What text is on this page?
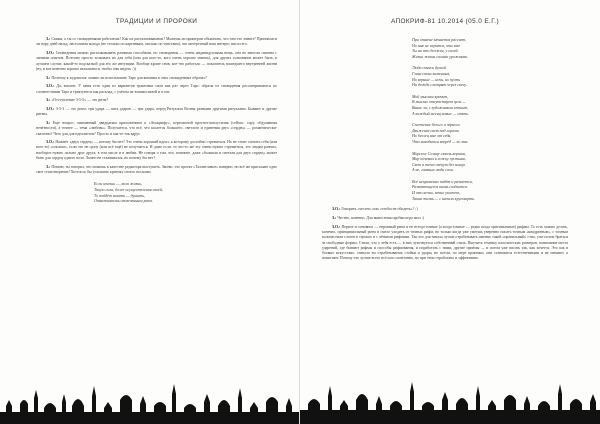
ТРАДИЦИИ И ПРОРОКИ

З.: Скажи, а ты со сновидениями работаешь? Как их расталковываешь? Можешь ли примером объяснить, что там что значит? Присниласи ли пару дней назад, настольная колода (не столько по картинкам, сколько по чувствам), что интересный наш интерес писал его.

З.О.: Сновидения можно расталковывать разными способами, но сновидения — очень индивидуальная вещь, она во многом связана с личным опытом. Поэтому просто толковать их для себя (или для кого-то, кого очень хорошо знаешь), для других толкование может быть, в лучшем случае, какой-то подсказкой для его же интуиции. Вообще кроме снов, кое-что работало — показатель нашедшего внутренней жизни (ну, и вот конечно хорошо высыпаться, чтобы сны видеть :))

З.: Поэтому я задумался: можно ли использовать Таро для копания в этих сновиденных образах?

З.О.: Да, вполне. У меня есть один из вариантов трактовки снов как раз через Таро: образы из сновидения рассматриваются по соответствиям Таро и трактуются как расклад, с учётом их взаимосвязей и в сне.

З.: «Отступление 3-5-5» — это ритм?

З.О.: 3-5-3 — это ритм, три удара — пять ударов — три удара, перед Ритуалом Волны разными другими ритуалами. Бывают и другие ритмы.

З.: Ещё вопрос, наименный двадцатым приложением к «Апокрифу», переписной прогноз-коклусилия (сейчас: сору, обдуманная нечётности), а точнее — тема «любовь». Получается, что всё, что касается большего, светлого и единения двух «сердец» — романтически-сказочно? Чего для для идеалистов? Просто и как-то так вдруг.

З.О.: Нажмёт «двух сердец» — потому бы нет? Это очень хороший идеал, к которому достойно стремиться. Но не стоит считать себя (или кого-то) «плохим», если это не сразу (или всё ещё) не получается. И даже если, то что-то же эту очень нужно стремиться, это людям разных, наоборот нужно сильно друг друга, в том числе и в любви. Не говоря о том, что, помните, даже «большая и светлая для двух сердец» может быть для сердец одного пола. Лично не сталкивался, но почему бы нет?

З.: Помню, ты говорил, что можешь в качестве редактора выступить. Звоню, что проект «Талантливое» наверно, но всё же присылаю одно свое стихотворение! Хотелось бы услышать критику своего посылки.

Если хочешь —, воли жизнь,
Такую сила, более осуществления своей,
То пойдёт искать — душить,
Отваживаешь отмеченным раем.
72
АПОКРИФ-81 10.2014 (05.0 Е.Г.)
При отмене меняется рассвет,
Но мне не верится, что мне
Ты на это должен, у своей.
Жизни жизнь своими урожаями.
Люди очнись душой
Глаза своих каменных,
Но верные — ночь, их пусть
На дождь смотрят через свечу.
Мой мыслим кричит,
В мыслях отсутствует цель —
Выше ли, с художником спешит,
А каждый месяц новые — опять.
Сплетение белого и чёрного
Движение свет под горами
Но беглец мне от себя,
Что находится вперёд — во мне.
Мирское Солнце сквозь вершин,
Мир кочевых в ложку пустыни,
Свет и тепло текут без конца
А не, главные люди свои.
Всё непременно падёт и развеется,
Развевающееся вновь создастся.
И это вечно, вечно укажет,
Такая жизнь — с начала круговерть.

З.О.: Говорить «честно, или «чтобы не обидеть»? ;)

З.: Честно, конечно. Для вынесения пробки игра мыл :)

З.О.: Первое и основное — неровный ритм и не всегда точные (а когда точные — редко когда оригинальные) рифмы. То есть можно делать, конечно, принципиальный ритм и смело уходить от точных рифм, но только когда уже умеешь уверенно писать точным «квадратным», с точным количеством слогов в строках и с чёткими рифмами. Так что для начала лучше отрабатывать именно такой «правильный» стих, уже потом браться за свободные формы. Стихи, что у тебя есть — в них чувствуется собственный стиль. Выучить технику классических размеров, понимание места ударений, где бывают рифмы и способы рифмования, и поработать с ними, другие приёмы — и потом уже писать так, как хочется. Это как в боевых искусствах: сначала ты отрабатываешь стойки и удары, но потом, по мере практики, они становятся естественными и не мешают, а помогают. Потому что лучше всего всё шло спонтанно, но при этом отработано и эффективно.

73
